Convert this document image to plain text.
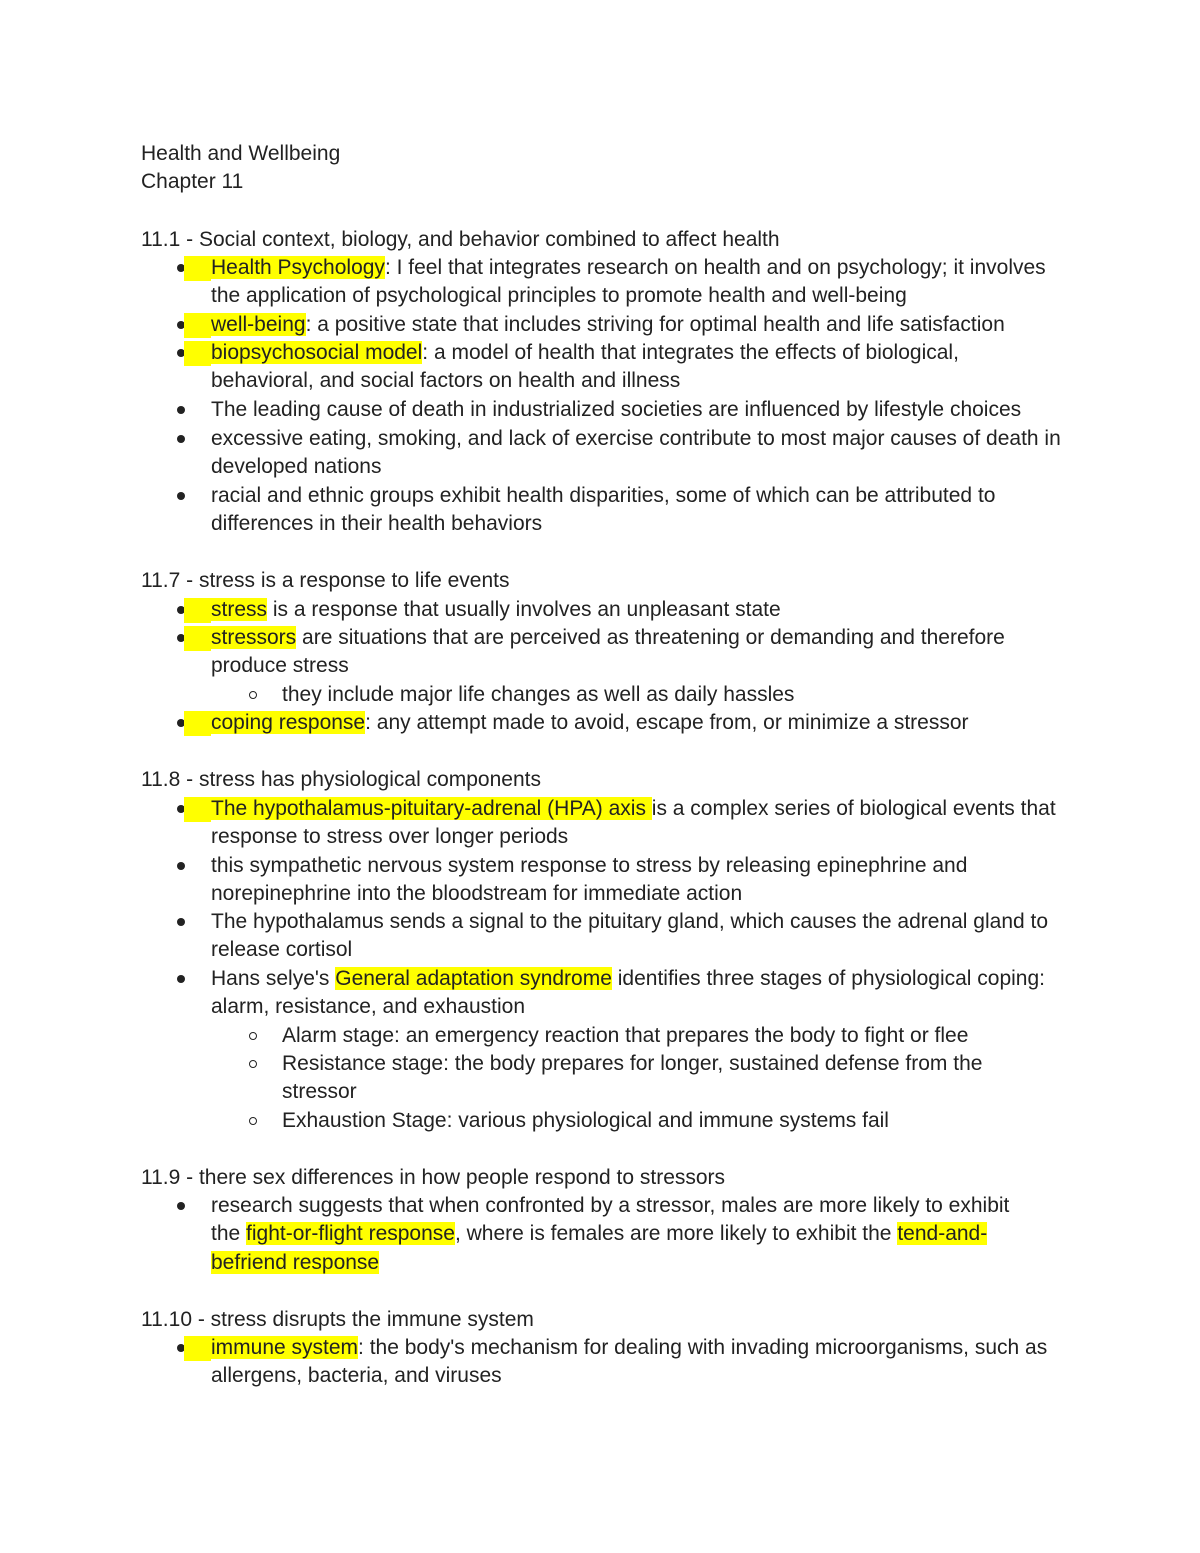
Health and Wellbeing
Chapter 11
11.1 - Social context, biology, and behavior combined to affect health
Health Psychology: I feel that integrates research on health and on psychology; it involves the application of psychological principles to promote health and well-being
well-being: a positive state that includes striving for optimal health and life satisfaction
biopsychosocial model: a model of health that integrates the effects of biological, behavioral, and social factors on health and illness
The leading cause of death in industrialized societies are influenced by lifestyle choices
excessive eating, smoking, and lack of exercise contribute to most major causes of death in developed nations
racial and ethnic groups exhibit health disparities, some of which can be attributed to differences in their health behaviors
11.7 - stress is a response to life events
stress is a response that usually involves an unpleasant state
stressors are situations that are perceived as threatening or demanding and therefore produce stress
they include major life changes as well as daily hassles
coping response: any attempt made to avoid, escape from, or minimize a stressor
11.8 - stress has physiological components
The hypothalamus-pituitary-adrenal (HPA) axis is a complex series of biological events that response to stress over longer periods
this sympathetic nervous system response to stress by releasing epinephrine and norepinephrine into the bloodstream for immediate action
The hypothalamus sends a signal to the pituitary gland, which causes the adrenal gland to release cortisol
Hans selye's General adaptation syndrome identifies three stages of physiological coping: alarm, resistance, and exhaustion
Alarm stage: an emergency reaction that prepares the body to fight or flee
Resistance stage: the body prepares for longer, sustained defense from the stressor
Exhaustion Stage: various physiological and immune systems fail
11.9 - there sex differences in how people respond to stressors
research suggests that when confronted by a stressor, males are more likely to exhibit the fight-or-flight response, where is females are more likely to exhibit the tend-and-befriend response
11.10 - stress disrupts the immune system
immune system: the body's mechanism for dealing with invading microorganisms, such as allergens, bacteria, and viruses
